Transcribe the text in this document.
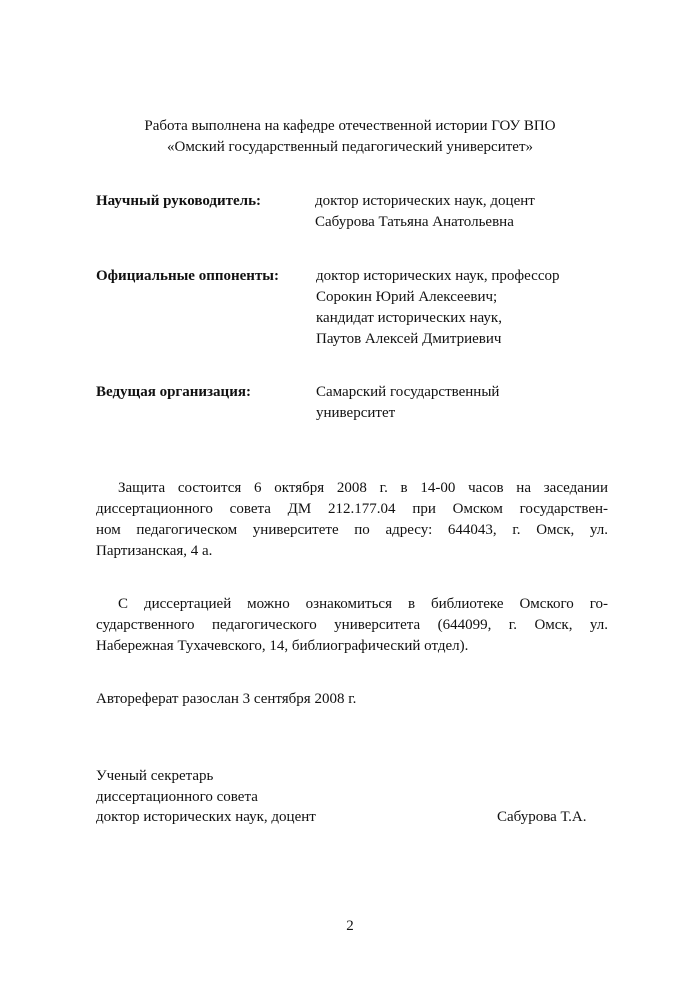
Работа выполнена на кафедре отечественной истории ГОУ ВПО
«Омский государственный педагогический университет»
Научный руководитель:	доктор исторических наук, доцент
Сабурова Татьяна Анатольевна
Официальные оппоненты: доктор исторических наук, профессор
Сорокин Юрий Алексеевич;
кандидат исторических наук,
Паутов Алексей Дмитриевич
Ведущая организация:	Самарский государственный
университет
Защита состоится 6 октября 2008 г. в 14-00 часов на заседании
диссертационного совета ДМ 212.177.04 при Омском государствен-
ном педагогическом университете по адресу: 644043, г. Омск, ул.
Партизанская, 4 а.
С диссертацией можно ознакомиться в библиотеке Омского го-
сударственного педагогического университета (644099, г. Омск, ул.
Набережная Тухачевского, 14, библиографический отдел).
Автореферат разослан 3 сентября 2008 г.
Ученый секретарь
диссертационного совета
доктор исторических наук, доцент	Сабурова Т.А.
2
